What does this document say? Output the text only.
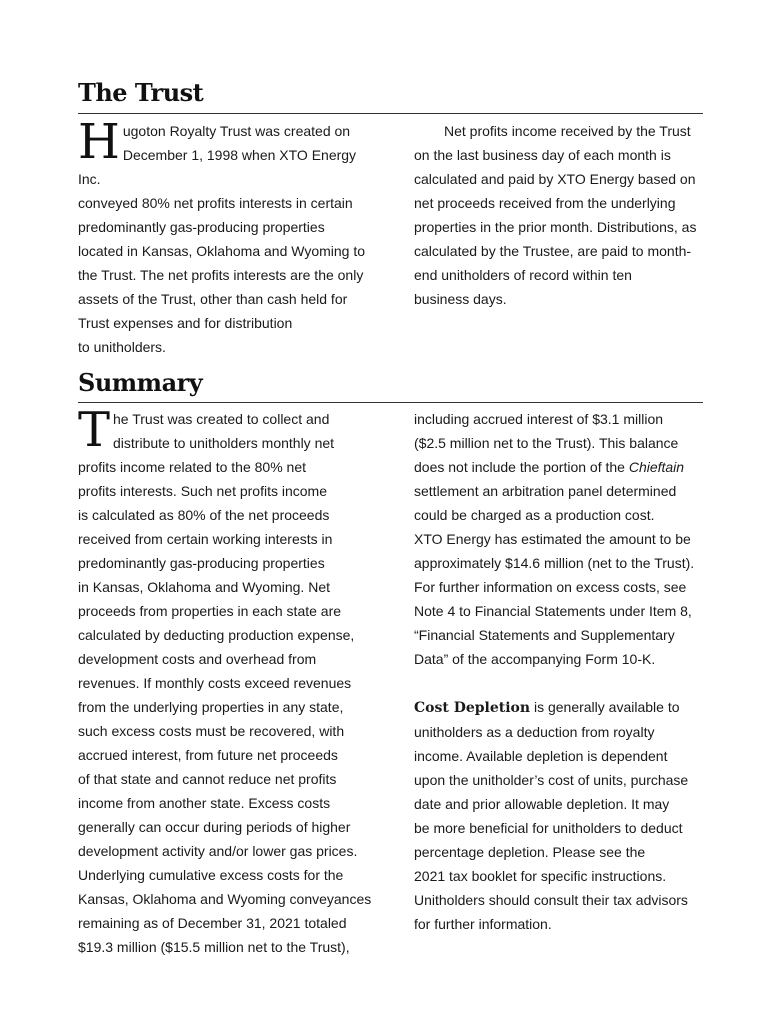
The Trust

Hugoton Royalty Trust was created on
December 1, 1998 when XTO Energy Inc.
conveyed 80% net profits interests in certain
predominantly gas-producing properties
located in Kansas, Oklahoma and Wyoming to
the Trust. The net profits interests are the only
assets of the Trust, other than cash held for
Trust expenses and for distribution
to unitholders.

Net profits income received by the Trust
on the last business day of each month is
calculated and paid by XTO Energy based on
net proceeds received from the underlying
properties in the prior month. Distributions, as
calculated by the Trustee, are paid to month-
end unitholders of record within ten
business days.

Summary

The Trust was created to collect and
distribute to unitholders monthly net
profits income related to the 80% net
profits interests. Such net profits income
is calculated as 80% of the net proceeds
received from certain working interests in
predominantly gas-producing properties
in Kansas, Oklahoma and Wyoming. Net
proceeds from properties in each state are
calculated by deducting production expense,
development costs and overhead from
revenues. If monthly costs exceed revenues
from the underlying properties in any state,
such excess costs must be recovered, with
accrued interest, from future net proceeds
of that state and cannot reduce net profits
income from another state. Excess costs
generally can occur during periods of higher
development activity and/or lower gas prices.
Underlying cumulative excess costs for the
Kansas, Oklahoma and Wyoming conveyances
remaining as of December 31, 2021 totaled
$19.3 million ($15.5 million net to the Trust),

including accrued interest of $3.1 million
($2.5 million net to the Trust). This balance
does not include the portion of the Chieftain
settlement an arbitration panel determined
could be charged as a production cost.
XTO Energy has estimated the amount to be
approximately $14.6 million (net to the Trust).
For further information on excess costs, see
Note 4 to Financial Statements under Item 8,
“Financial Statements and Supplementary
Data” of the accompanying Form 10-K.

Cost Depletion is generally available to
unitholders as a deduction from royalty
income. Available depletion is dependent
upon the unitholder’s cost of units, purchase
date and prior allowable depletion. It may
be more beneficial for unitholders to deduct
percentage depletion. Please see the
2021 tax booklet for specific instructions.
Unitholders should consult their tax advisors
for further information.
